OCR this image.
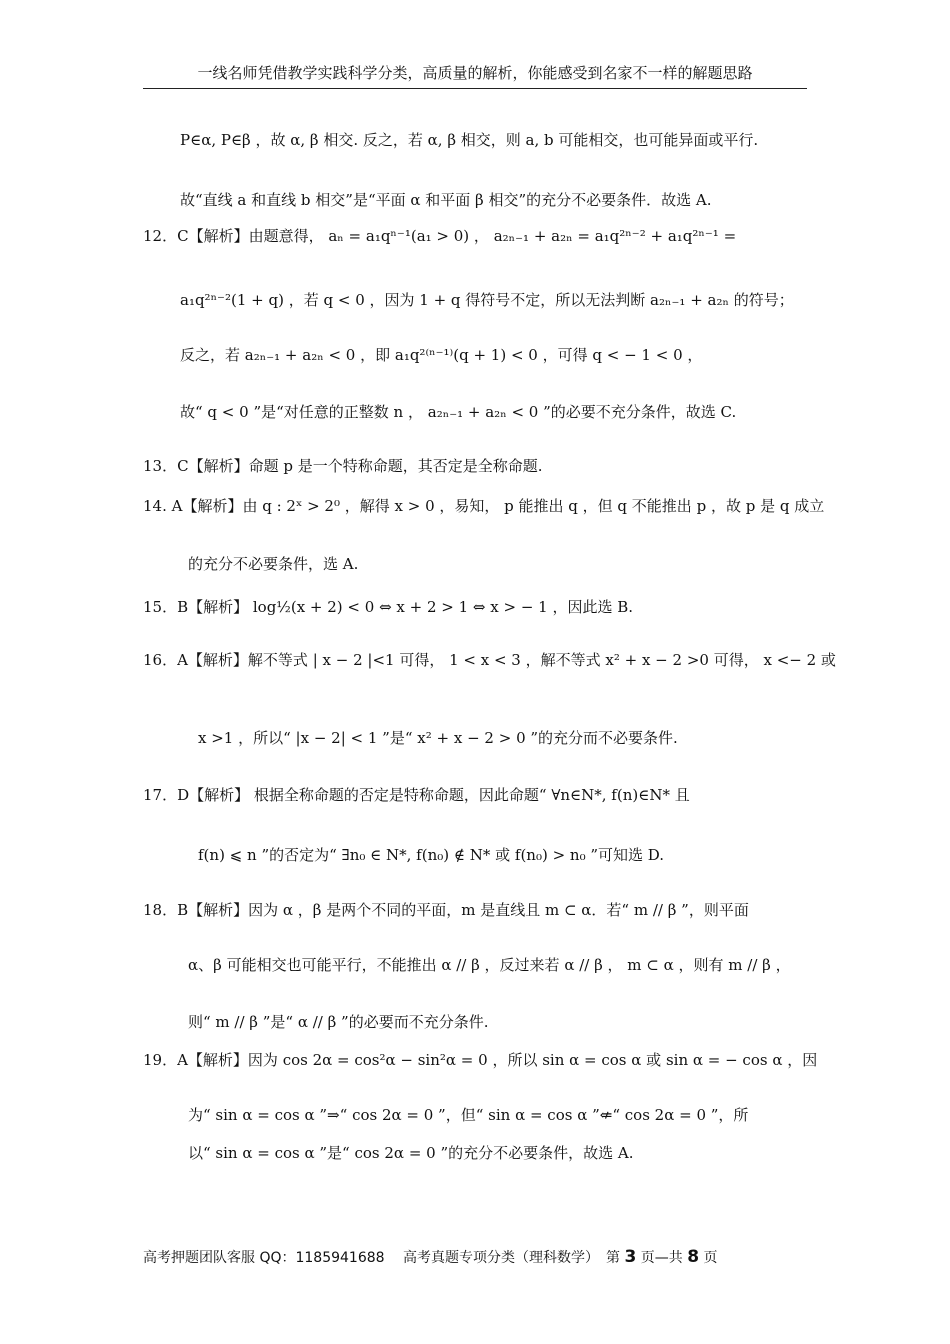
一线名师凭借教学实践科学分类，高质量的解析，你能感受到名家不一样的解题思路
P∈α, P∈β ，故 α, β 相交. 反之，若 α, β 相交，则 a, b 可能相交，也可能异面或平行.
故“直线 a 和直线 b 相交”是“平面 α 和平面 β 相交”的充分不必要条件．故选 A.
12．C【解析】由题意得， aₙ = a₁qⁿ⁻¹(a₁ > 0) ， a₂ₙ₋₁ + a₂ₙ = a₁q²ⁿ⁻² + a₁q²ⁿ⁻¹ =
a₁q²ⁿ⁻²(1 + q) ，若 q < 0 ，因为 1 + q 得符号不定，所以无法判断 a₂ₙ₋₁ + a₂ₙ 的符号；
反之，若 a₂ₙ₋₁ + a₂ₙ < 0 ，即 a₁q²⁽ⁿ⁻¹⁾(q + 1) < 0 ，可得 q < − 1 < 0 ，
故“ q < 0 ”是“对任意的正整数 n ， a₂ₙ₋₁ + a₂ₙ < 0 ”的必要不充分条件，故选 C.
13．C【解析】命题 p 是一个特称命题，其否定是全称命题.
14. A【解析】由 q : 2ˣ > 2⁰ ，解得 x > 0 ，易知， p 能推出 q ，但 q 不能推出 p ，故 p 是 q 成立
的充分不必要条件，选 A.
15．B【解析】 log½(x + 2) < 0 ⇔ x + 2 > 1 ⇔ x > − 1 ，因此选 B.
16．A【解析】解不等式 | x − 2 |<1 可得， 1 < x < 3 ，解不等式 x² + x − 2 >0 可得， x <− 2 或
x >1 ，所以“ |x − 2| < 1 ”是“ x² + x − 2 > 0 ”的充分而不必要条件.
17．D【解析】 根据全称命题的否定是特称命题，因此命题“ ∀n∈N*, f(n)∈N* 且
f(n) ⩽ n ”的否定为“ ∃n₀ ∈ N*, f(n₀) ∉ N* 或 f(n₀) > n₀ ”可知选 D.
18．B【解析】因为 α ，β 是两个不同的平面，m 是直线且 m ⊂ α．若“ m // β ”，则平面
α、β 可能相交也可能平行，不能推出 α // β ，反过来若 α // β ， m ⊂ α ，则有 m // β ，
则“ m // β ”是“ α // β ”的必要而不充分条件.
19．A【解析】因为 cos 2α = cos²α − sin²α = 0 ，所以 sin α = cos α 或 sin α = − cos α ，因
为“ sin α = cos α ”⇒“ cos 2α = 0 ”，但“ sin α = cos α ”⇍“ cos 2α = 0 ”，所
以“ sin α = cos α ”是“ cos 2α = 0 ”的充分不必要条件，故选 A.
高考押题团队客服 QQ：1185941688　 高考真题专项分类（理科数学）　第 3 页—共 8 页
